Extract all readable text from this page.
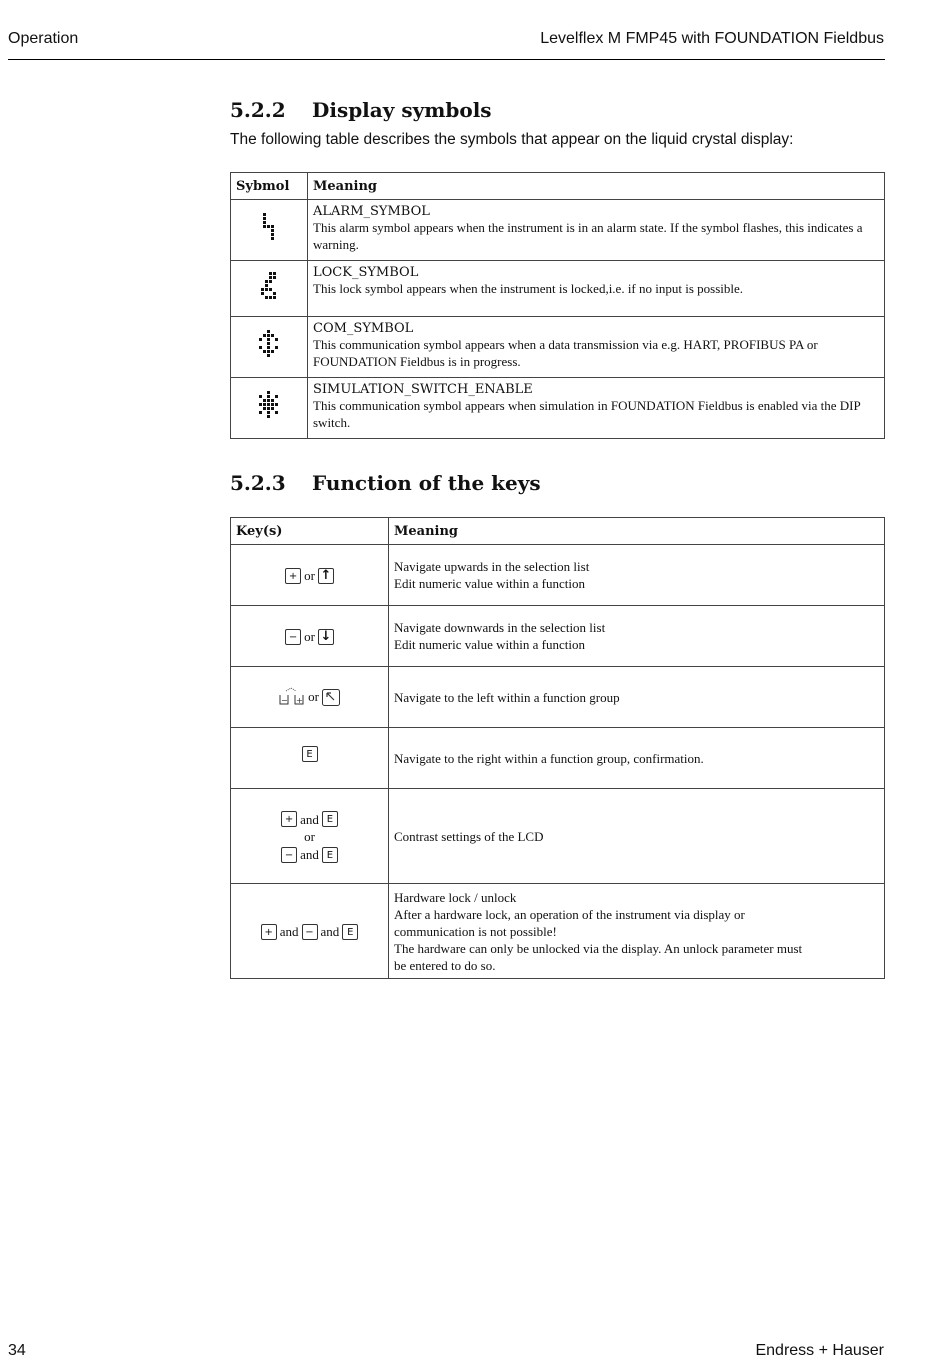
Operation	Levelflex M FMP45 with FOUNDATION Fieldbus
5.2.2 Display symbols
The following table describes the symbols that appear on the liquid crystal display:
Sybmol	Meaning

ALARM_SYMBOL
This alarm symbol appears when the instrument is in an alarm state. If the symbol flashes, this indicates a warning.

LOCK_SYMBOL
This lock symbol appears when the instrument is locked,i.e. if no input is possible.

COM_SYMBOL
This communication symbol appears when a data transmission via e.g. HART, PROFIBUS PA or FOUNDATION Fieldbus is in progress.

SIMULATION_SWITCH_ENABLE
This communication symbol appears when simulation in FOUNDATION Fieldbus is enabled via the DIP switch.
5.2.3 Function of the keys
Key(s)	Meaning
+ or ↑	Navigate upwards in the selection list
Edit numeric value within a function

− or ↓	Navigate downwards in the selection list
Edit numeric value within a function

− + or	Navigate to the left within a function group

E	Navigate to the right within a function group, confirmation.

+ and E
or
− and E	Contrast settings of the LCD

+ and − and E	Hardware lock / unlock
After a hardware lock, an operation of the instrument via display or
communication is not possible!
The hardware can only be unlocked via the display. An unlock parameter must
be entered to do so.
34	Endress + Hauser
